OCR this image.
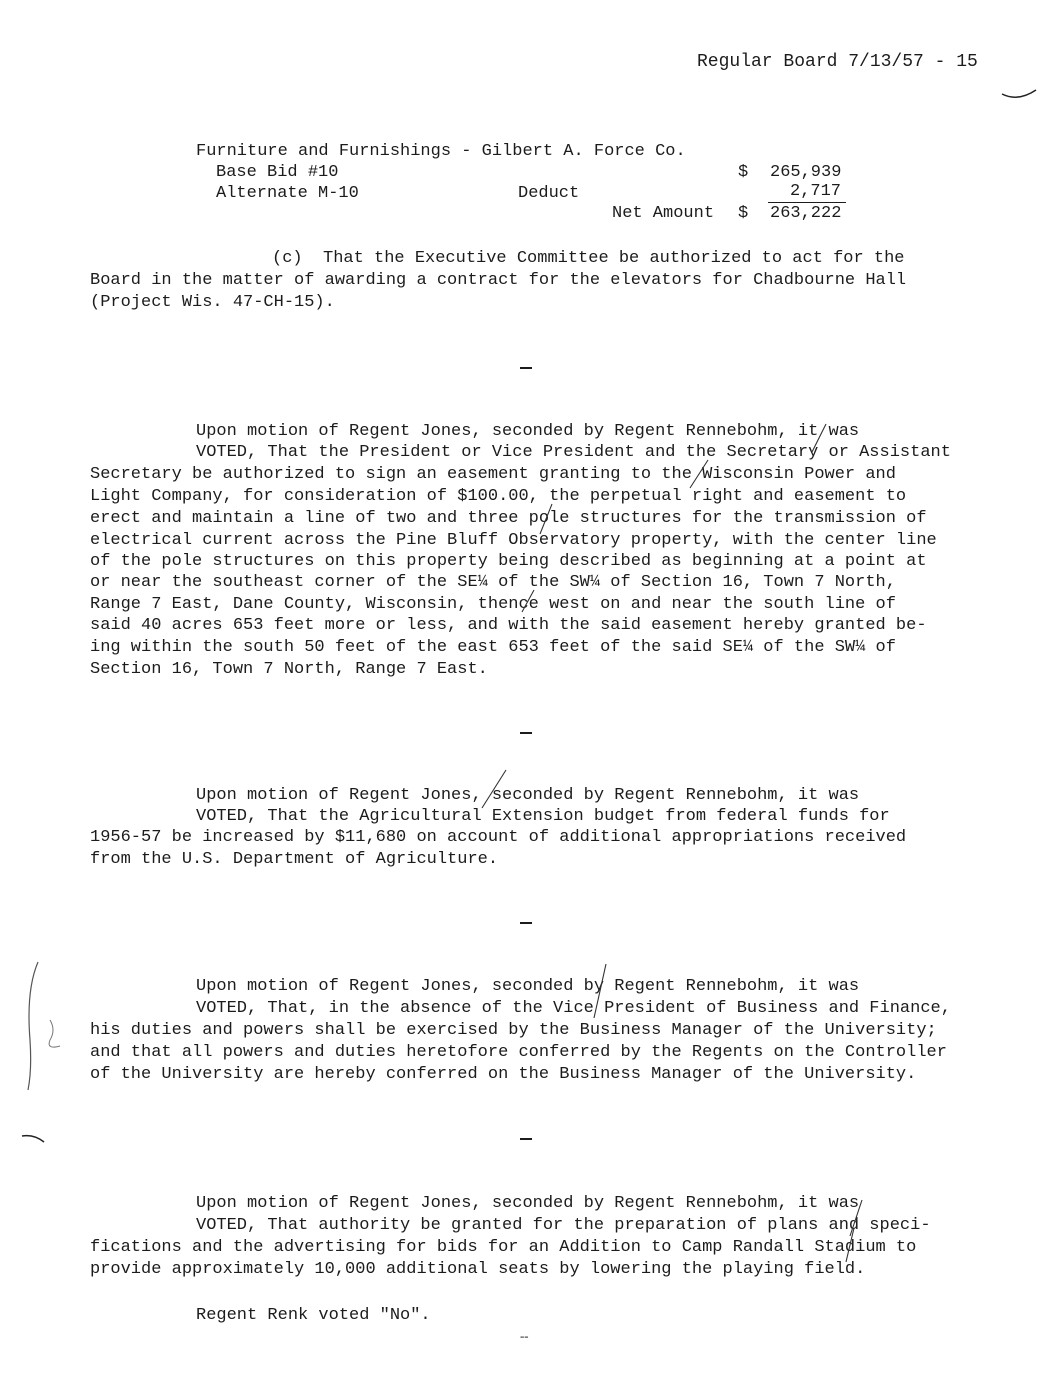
Regular Board 7/13/57 - 15
Furniture and Furnishings - Gilbert A. Force Co.
Base Bid #10	$ 265,939
Alternate M-10	Deduct	2,717
Net Amount $ 263,222
(c)  That the Executive Committee be authorized to act for the
Board in the matter of awarding a contract for the elevators for Chadbourne Hall
(Project Wis. 47-CH-15).
Upon motion of Regent Jones, seconded by Regent Rennebohm, it was
VOTED, That the President or Vice President and the Secretary or Assistant
Secretary be authorized to sign an easement granting to the Wisconsin Power and
Light Company, for consideration of $100.00, the perpetual right and easement to
erect and maintain a line of two and three pole structures for the transmission of
electrical current across the Pine Bluff Observatory property, with the center line
of the pole structures on this property being described as beginning at a point at
or near the southeast corner of the SE¼ of the SW¼ of Section 16, Town 7 North,
Range 7 East, Dane County, Wisconsin, thence west on and near the south line of
said 40 acres 653 feet more or less, and with the said easement hereby granted be-
ing within the south 50 feet of the east 653 feet of the said SE¼ of the SW¼ of
Section 16, Town 7 North, Range 7 East.
Upon motion of Regent Jones, seconded by Regent Rennebohm, it was
VOTED, That the Agricultural Extension budget from federal funds for
1956-57 be increased by $11,680 on account of additional appropriations received
from the U.S. Department of Agriculture.
Upon motion of Regent Jones, seconded by Regent Rennebohm, it was
VOTED, That, in the absence of the Vice President of Business and Finance,
his duties and powers shall be exercised by the Business Manager of the University;
and that all powers and duties heretofore conferred by the Regents on the Controller
of the University are hereby conferred on the Business Manager of the University.
Upon motion of Regent Jones, seconded by Regent Rennebohm, it was
VOTED, That authority be granted for the preparation of plans and speci-
fications and the advertising for bids for an Addition to Camp Randall Stadium to
provide approximately 10,000 additional seats by lowering the playing field.
Regent Renk voted "No".
╌
